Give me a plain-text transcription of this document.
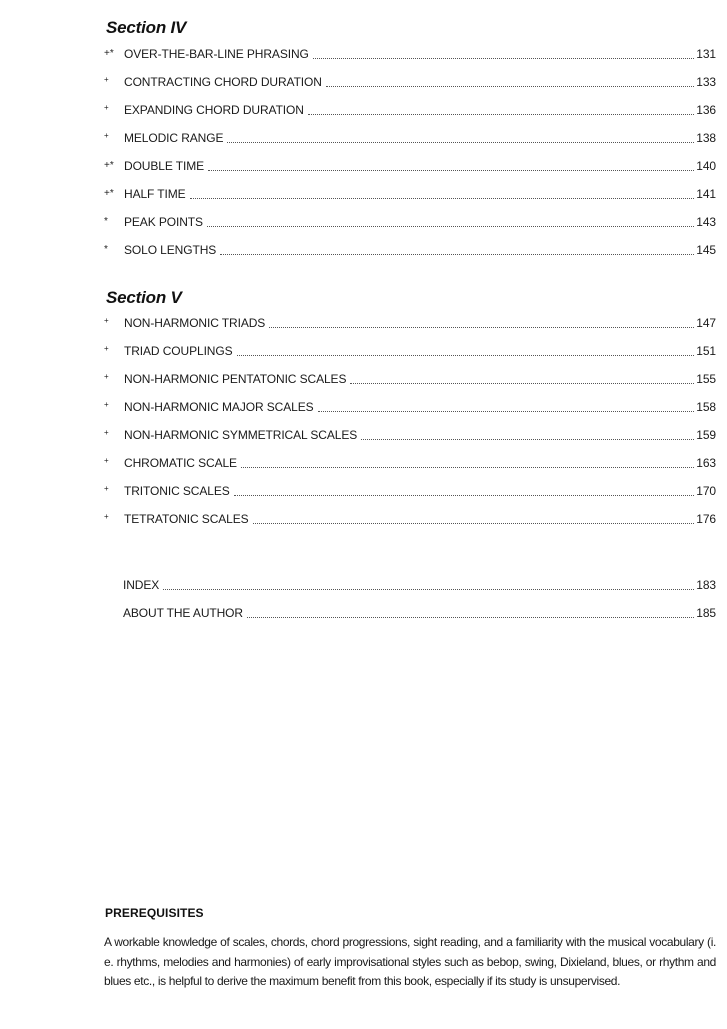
Section IV
+* OVER-THE-BAR-LINE PHRASING	131
+	CONTRACTING CHORD DURATION	133
+	EXPANDING CHORD DURATION	136
+	MELODIC RANGE	138
+* DOUBLE TIME	140
+* HALF TIME	141
*	PEAK POINTS	143
*	SOLO LENGTHS	145
Section V
+	NON-HARMONIC TRIADS	147
+	TRIAD COUPLINGS	151
+	NON-HARMONIC PENTATONIC SCALES	155
+	NON-HARMONIC MAJOR SCALES	158
+	NON-HARMONIC SYMMETRICAL SCALES	159
+	CHROMATIC SCALE	163
+	TRITONIC SCALES	170
+	TETRATONIC SCALES	176
INDEX	183
ABOUT THE AUTHOR	185
PREREQUISITES

A workable knowledge of scales, chords, chord progressions, sight reading, and a familiarity with the musical vocabulary (i. e. rhythms, melodies and harmonies) of early improvisational styles such as bebop, swing, Dixieland, blues, or rhythm and blues etc., is helpful to derive the maximum benefit from this book, especially if its study is unsupervised.
